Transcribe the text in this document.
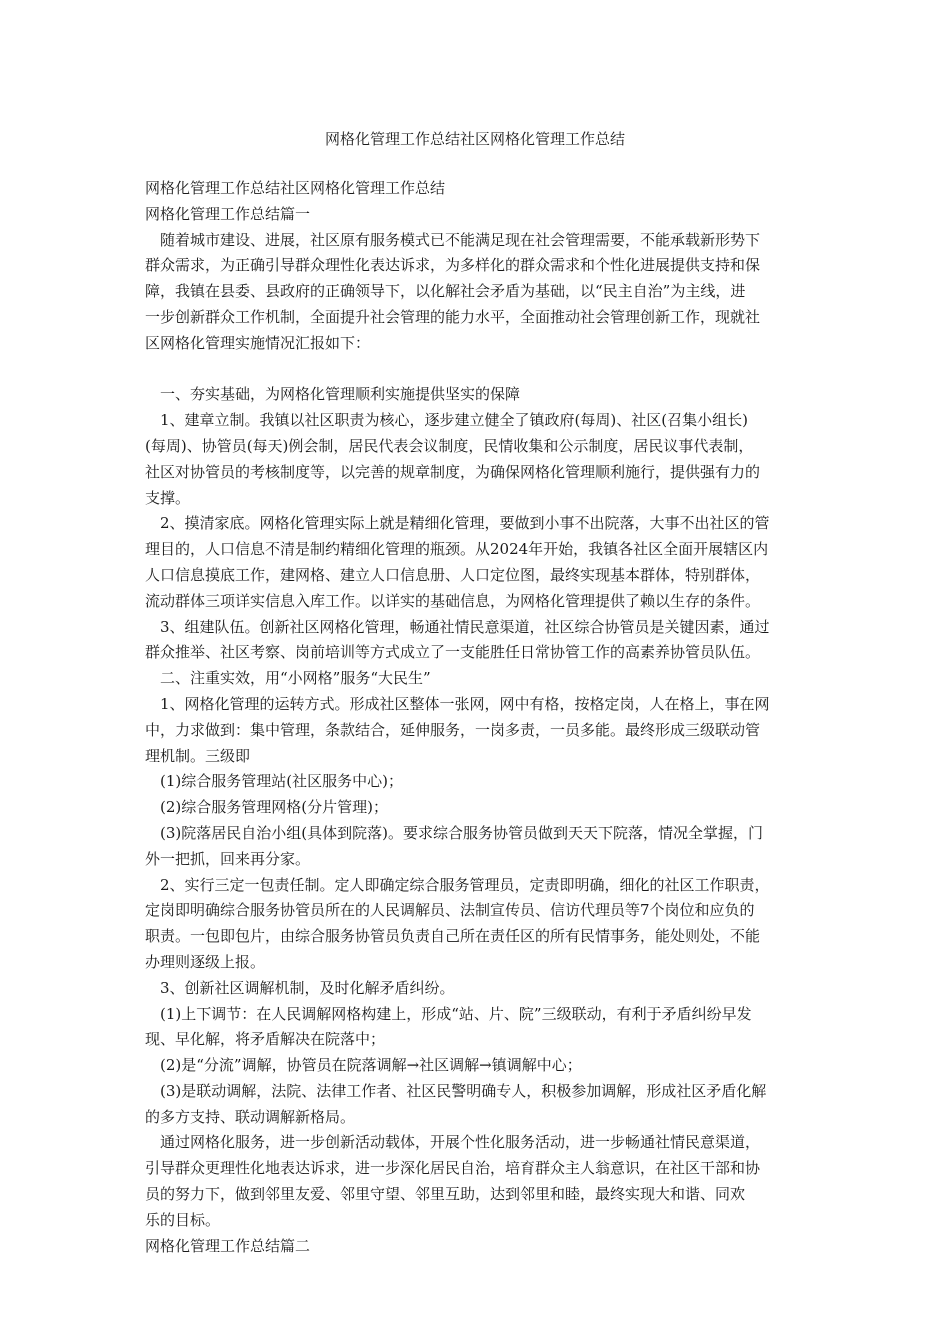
网格化管理工作总结社区网格化管理工作总结

网格化管理工作总结社区网格化管理工作总结

网格化管理工作总结篇一

随着城市建设、进展，社区原有服务模式已不能满足现在社会管理需要，不能承载新形势下

群众需求，为正确引导群众理性化表达诉求，为多样化的群众需求和个性化进展提供支持和保

障，我镇在县委、县政府的正确领导下，以化解社会矛盾为基础，以“民主自治”为主线，进

一步创新群众工作机制，全面提升社会管理的能力水平，全面推动社会管理创新工作，现就社

区网格化管理实施情况汇报如下：

一、夯实基础，为网格化管理顺利实施提供坚实的保障

1、建章立制。我镇以社区职责为核心，逐步建立健全了镇政府(每周)、社区(召集小组长)

(每周)、协管员(每天)例会制，居民代表会议制度，民情收集和公示制度，居民议事代表制，

社区对协管员的考核制度等，以完善的规章制度，为确保网格化管理顺利施行，提供强有力的

支撑。

2、摸清家底。网格化管理实际上就是精细化管理，要做到小事不出院落，大事不出社区的管

理目的，人口信息不清是制约精细化管理的瓶颈。从2024年开始，我镇各社区全面开展辖区内

人口信息摸底工作，建网格、建立人口信息册、人口定位图，最终实现基本群体，特别群体，

流动群体三项详实信息入库工作。以详实的基础信息，为网格化管理提供了赖以生存的条件。

3、组建队伍。创新社区网格化管理，畅通社情民意渠道，社区综合协管员是关键因素，通过

群众推举、社区考察、岗前培训等方式成立了一支能胜任日常协管工作的高素养协管员队伍。

二、注重实效，用“小网格”服务“大民生”

1、网格化管理的运转方式。形成社区整体一张网，网中有格，按格定岗，人在格上，事在网

中，力求做到：集中管理，条款结合，延伸服务，一岗多责，一员多能。最终形成三级联动管

理机制。三级即

(1)综合服务管理站(社区服务中心)；

(2)综合服务管理网格(分片管理)；

(3)院落居民自治小组(具体到院落)。要求综合服务协管员做到天天下院落，情况全掌握，门

外一把抓，回来再分家。

2、实行三定一包责任制。定人即确定综合服务管理员，定责即明确，细化的社区工作职责，

定岗即明确综合服务协管员所在的人民调解员、法制宣传员、信访代理员等7个岗位和应负的

职责。一包即包片，由综合服务协管员负责自己所在责任区的所有民情事务，能处则处，不能

办理则逐级上报。

3、创新社区调解机制，及时化解矛盾纠纷。

(1)上下调节：在人民调解网格构建上，形成“站、片、院”三级联动，有利于矛盾纠纷早发

现、早化解，将矛盾解决在院落中；

(2)是“分流”调解，协管员在院落调解→社区调解→镇调解中心；

(3)是联动调解，法院、法律工作者、社区民警明确专人，积极参加调解，形成社区矛盾化解

的多方支持、联动调解新格局。

通过网格化服务，进一步创新活动载体，开展个性化服务活动，进一步畅通社情民意渠道，

引导群众更理性化地表达诉求，进一步深化居民自治，培育群众主人翁意识，在社区干部和协

员的努力下，做到邻里友爱、邻里守望、邻里互助，达到邻里和睦，最终实现大和谐、同欢

乐的目标。

网格化管理工作总结篇二
